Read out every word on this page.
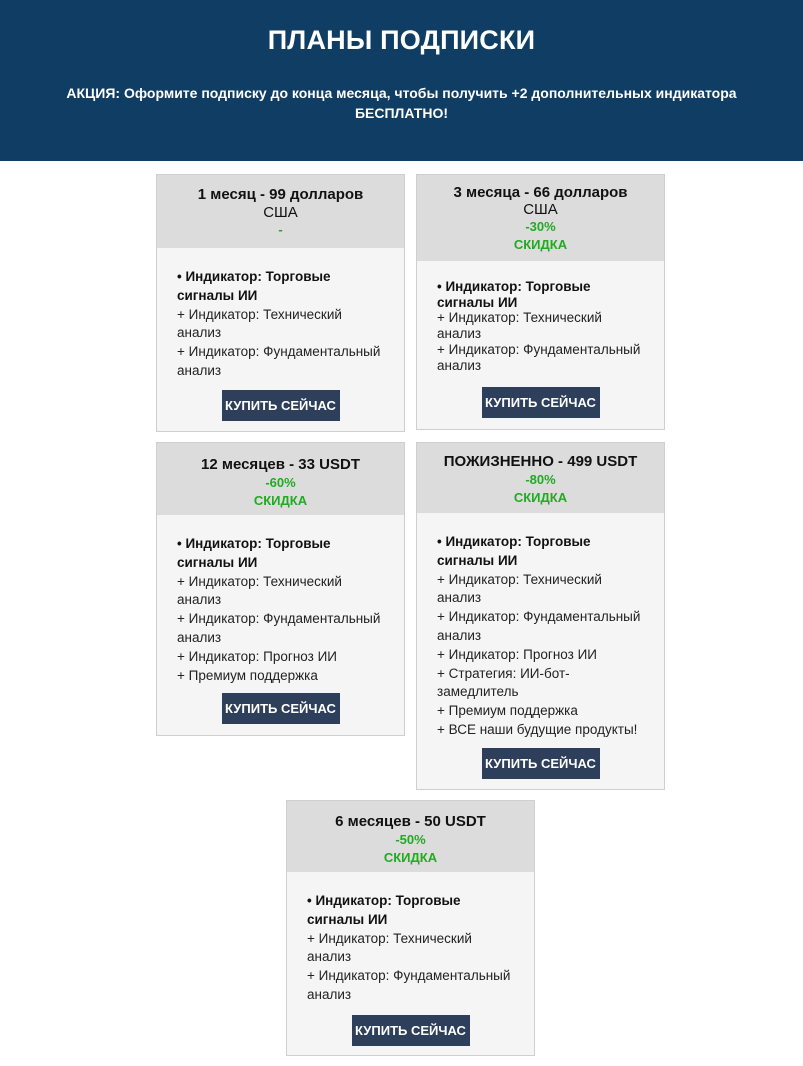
ПЛАНЫ ПОДПИСКИ

АКЦИЯ: Оформите подписку до конца месяца, чтобы получить +2 дополнительных индикатора БЕСПЛАТНО!

1 месяц - 99 долларов
США
-
• Индикатор: Торговые сигналы ИИ
+ Индикатор: Технический анализ
+ Индикатор: Фундаментальный анализ
КУПИТЬ СЕЙЧАС
3 месяца - 66 долларов
США
-30%
СКИДКА
• Индикатор: Торговые сигналы ИИ
+ Индикатор: Технический анализ
+ Индикатор: Фундаментальный анализ
КУПИТЬ СЕЙЧАС
12 месяцев - 33 USDT
-60%
СКИДКА
• Индикатор: Торговые сигналы ИИ
+ Индикатор: Технический анализ
+ Индикатор: Фундаментальный анализ
+ Индикатор: Прогноз ИИ
+ Премиум поддержка
КУПИТЬ СЕЙЧАС
ПОЖИЗНЕННО - 499 USDT
-80%
СКИДКА
• Индикатор: Торговые сигналы ИИ
+ Индикатор: Технический анализ
+ Индикатор: Фундаментальный анализ
+ Индикатор: Прогноз ИИ
+ Стратегия: ИИ-бот-замедлитель
+ Премиум поддержка
+ ВСЕ наши будущие продукты!
КУПИТЬ СЕЙЧАС
6 месяцев - 50 USDT
-50%
СКИДКА
• Индикатор: Торговые сигналы ИИ
+ Индикатор: Технический анализ
+ Индикатор: Фундаментальный анализ
КУПИТЬ СЕЙЧАС
